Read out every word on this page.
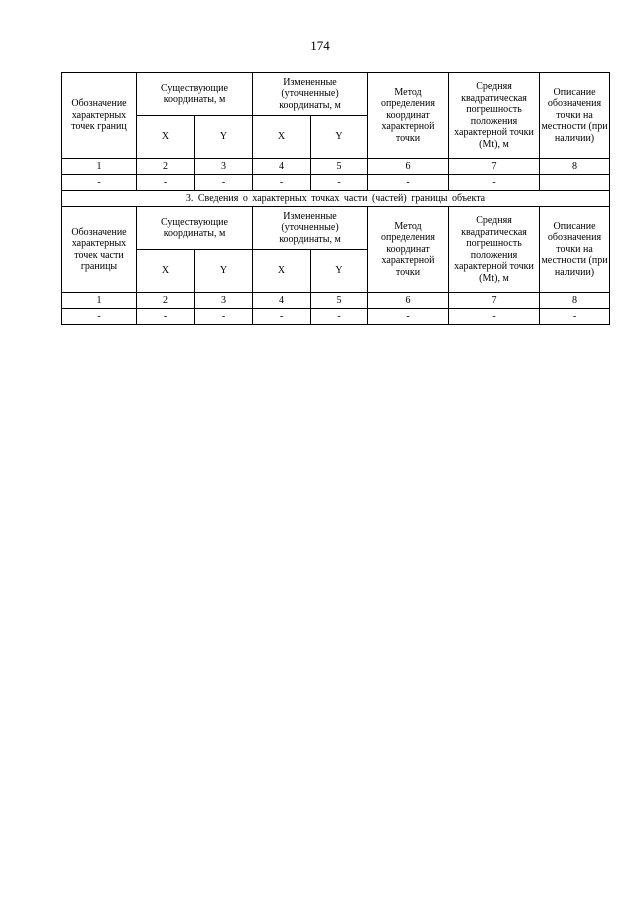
174
Обозначение характерных точек границ	Существующие координаты, м		Измененные (уточненные) координаты, м		Метод определения координат характерной точки	Средняя квадратическая погрешность положения характерной точки (Mt), м	Описание обозначения точки на местности (при наличии)
	X	Y	X	Y			
1	2	3	4	5	6	7	8
-	-	-	-	-	-	-	
3. Сведения о характерных точках части (частей) границы объекта							
Обозначение характерных точек части границы	Существующие координаты, м		Измененные (уточненные) координаты, м		Метод определения координат характерной точки	Средняя квадратическая погрешность положения характерной точки (Mt), м	Описание обозначения точки на местности (при наличии)
	X	Y	X	Y			
1	2	3	4	5	6	7	8
-	-	-	-	-	-	-	-
